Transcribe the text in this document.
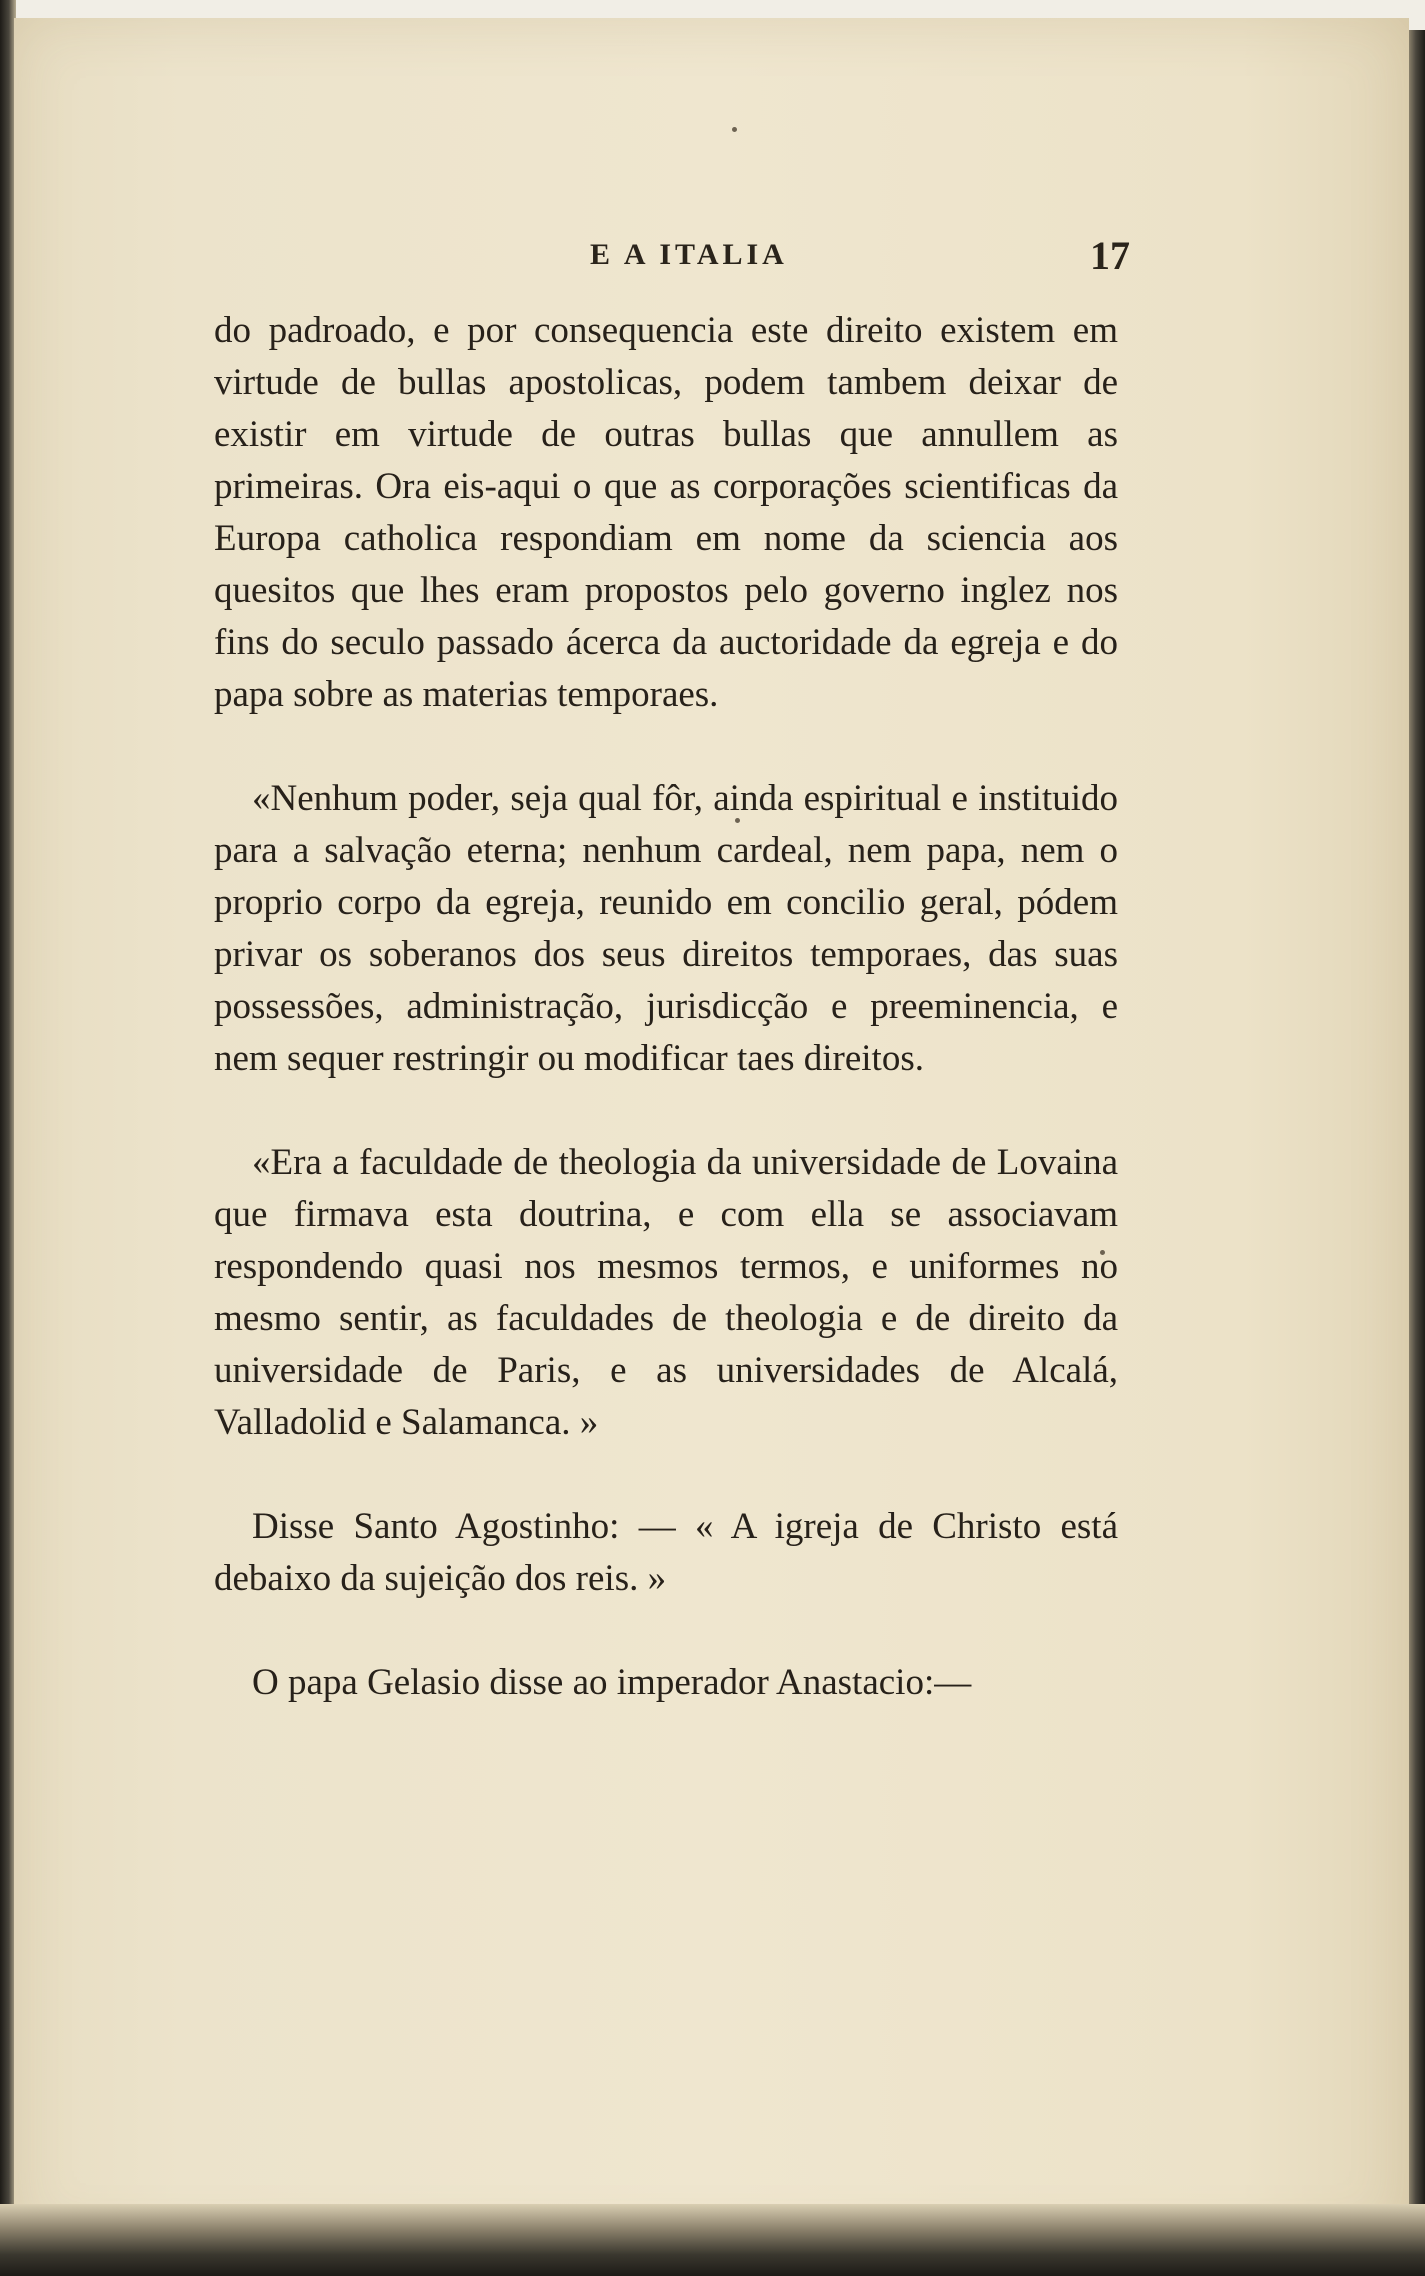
E A ITALIA	17

do padroado, e por consequencia este direito existem em virtude de bullas apostolicas, podem tambem deixar de existir em virtude de outras bullas que annullem as primeiras. Ora eis-aqui o que as corporações scientificas da Europa catholica respondiam em nome da sciencia aos quesitos que lhes eram propostos pelo governo inglez nos fins do seculo passado ácerca da auctoridade da egreja e do papa sobre as materias temporaes.

«Nenhum poder, seja qual fôr, ainda espiritual e instituido para a salvação eterna; nenhum cardeal, nem papa, nem o proprio corpo da egreja, reunido em concilio geral, pódem privar os soberanos dos seus direitos temporaes, das suas possessões, administração, jurisdicção e preeminencia, e nem sequer restringir ou modificar taes direitos.

«Era a faculdade de theologia da universidade de Lovaina que firmava esta doutrina, e com ella se associavam respondendo quasi nos mesmos termos, e uniformes no mesmo sentir, as faculdades de theologia e de direito da universidade de Paris, e as universidades de Alcalá, Valladolid e Salamanca. »

Disse Santo Agostinho: — « A igreja de Christo está debaixo da sujeição dos reis. »

O papa Gelasio disse ao imperador Anastacio:—
